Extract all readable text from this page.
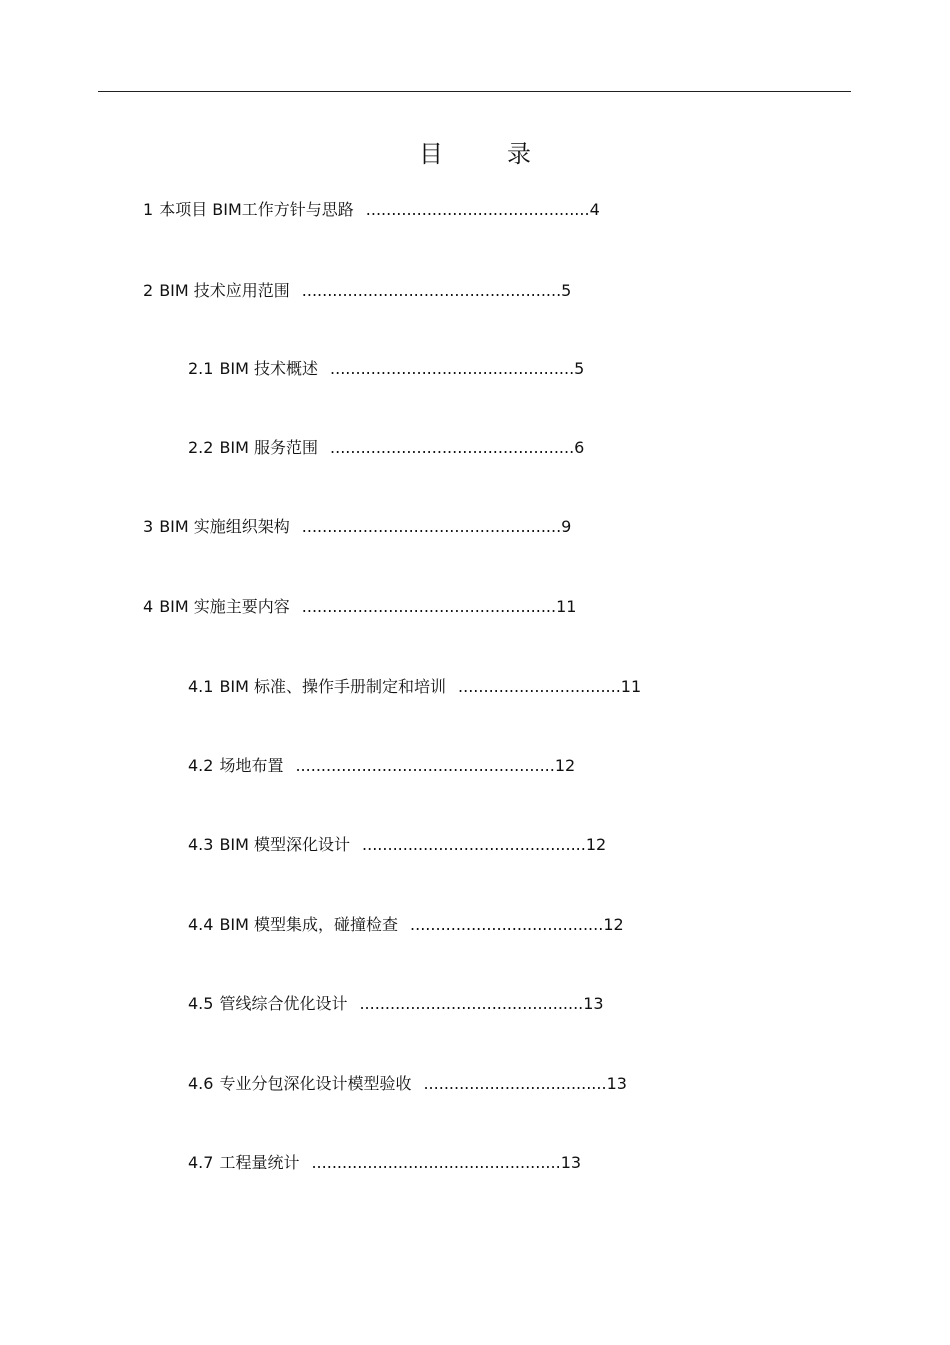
目　录
1 本项目 BIM工作方针与思路 ............................................4
2 BIM 技术应用范围 ...................................................5
2.1 BIM 技术概述 ................................................5
2.2 BIM 服务范围 ................................................6
3 BIM 实施组织架构 ...................................................9
4 BIM 实施主要内容 ..................................................11
4.1 BIM 标准、操作手册制定和培训 ................................11
4.2 场地布置 ...................................................12
4.3 BIM 模型深化设计 ............................................12
4.4 BIM 模型集成，碰撞检查 ......................................12
4.5 管线综合优化设计 ............................................13
4.6 专业分包深化设计模型验收 ....................................13
4.7 工程量统计 .................................................13
